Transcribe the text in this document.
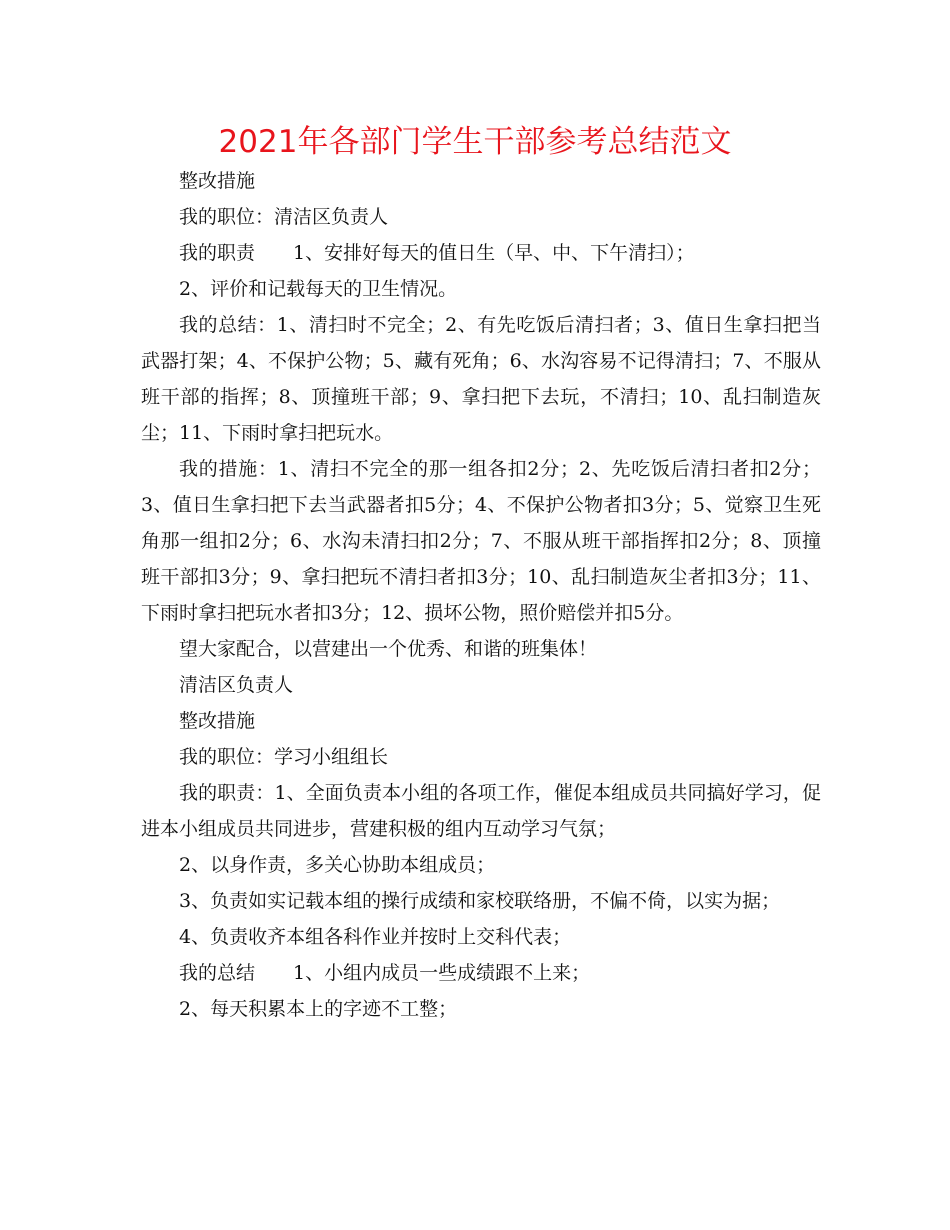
2021年各部门学生干部参考总结范文

整改措施

我的职位：清洁区负责人

我的职责　　1、安排好每天的值日生（早、中、下午清扫）；

2、评价和记载每天的卫生情况。

我的总结：1、清扫时不完全；2、有先吃饭后清扫者；3、值日生拿扫把当武器打架；4、不保护公物；5、藏有死角；6、水沟容易不记得清扫；7、不服从班干部的指挥；8、顶撞班干部；9、拿扫把下去玩，不清扫；10、乱扫制造灰尘；11、下雨时拿扫把玩水。

我的措施：1、清扫不完全的那一组各扣2分；2、先吃饭后清扫者扣2分；3、值日生拿扫把下去当武器者扣5分；4、不保护公物者扣3分；5、觉察卫生死角那一组扣2分；6、水沟未清扫扣2分；7、不服从班干部指挥扣2分；8、顶撞班干部扣3分；9、拿扫把玩不清扫者扣3分；10、乱扫制造灰尘者扣3分；11、下雨时拿扫把玩水者扣3分；12、损坏公物，照价赔偿并扣5分。

望大家配合，以营建出一个优秀、和谐的班集体！

清洁区负责人

整改措施

我的职位：学习小组组长

我的职责：1、全面负责本小组的各项工作，催促本组成员共同搞好学习，促进本小组成员共同进步，营建积极的组内互动学习气氛；

2、以身作责，多关心协助本组成员；

3、负责如实记载本组的操行成绩和家校联络册，不偏不倚，以实为据；

4、负责收齐本组各科作业并按时上交科代表；

我的总结　　1、小组内成员一些成绩跟不上来；

2、每天积累本上的字迹不工整；
